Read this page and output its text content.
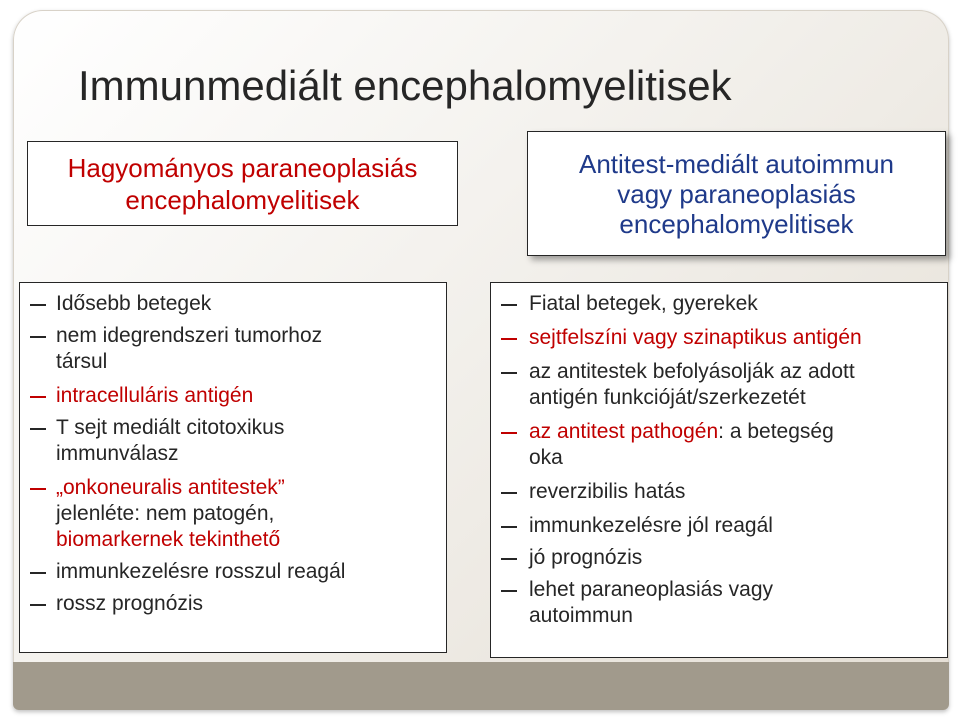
Immunmediált encephalomyelitisek
Hagyományos paraneoplasiás
encephalomyelitisek
Antitest-mediált autoimmun
vagy paraneoplasiás
encephalomyelitisek
Idősebb betegek
nem idegrendszeri tumorhoz
társul
intracelluláris antigén
T sejt mediált citotoxikus
immunválasz
„onkoneuralis antitestek”
jelenléte: nem patogén,
biomarkernek tekinthető
immunkezelésre rosszul reagál
rossz prognózis
Fiatal betegek, gyerekek
sejtfelszíni vagy szinaptikus antigén
az antitestek befolyásolják az adott
antigén funkcióját/szerkezetét
az antitest pathogén: a betegség
oka
reverzibilis hatás
immunkezelésre jól reagál
jó prognózis
lehet paraneoplasiás vagy
autoimmun
